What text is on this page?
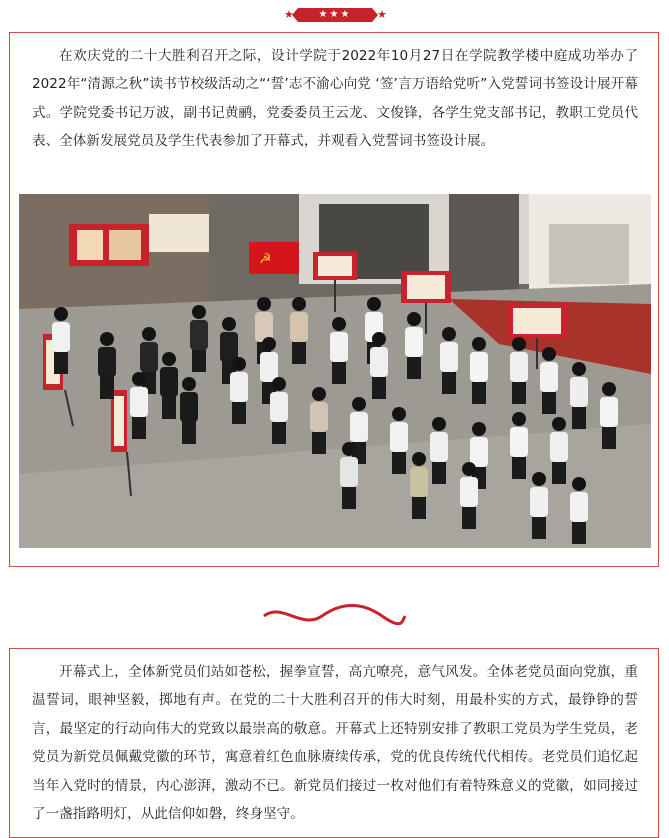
★	★★★	★

在欢庆党的二十大胜利召开之际，设计学院于2022年10月27日在学院教学楼中庭成功举办了2022年“清源之秋”读书节校级活动之“‘誓’志不渝心向党 ‘签’言万语给党听”入党誓词书签设计展开幕式。学院党委书记万波，副书记黄鹂，党委委员王云龙、文俊锋，各学生党支部书记，教职工党员代表、全体新发展党员及学生代表参加了开幕式，并观看入党誓词书签设计展。

☭

开幕式上，全体新党员们站如苍松，握拳宣誓，高亢嘹亮，意气风发。全体老党员面向党旗，重温誓词，眼神坚毅，掷地有声。在党的二十大胜利召开的伟大时刻，用最朴实的方式，最铮铮的誓言，最坚定的行动向伟大的党致以最崇高的敬意。开幕式上还特别安排了教职工党员为学生党员，老党员为新党员佩戴党徽的环节，寓意着红色血脉赓续传承，党的优良传统代代相传。老党员们追忆起当年入党时的情景，内心澎湃，激动不已。新党员们接过一枚对他们有着特殊意义的党徽，如同接过了一盏指路明灯，从此信仰如磐，终身坚守。
